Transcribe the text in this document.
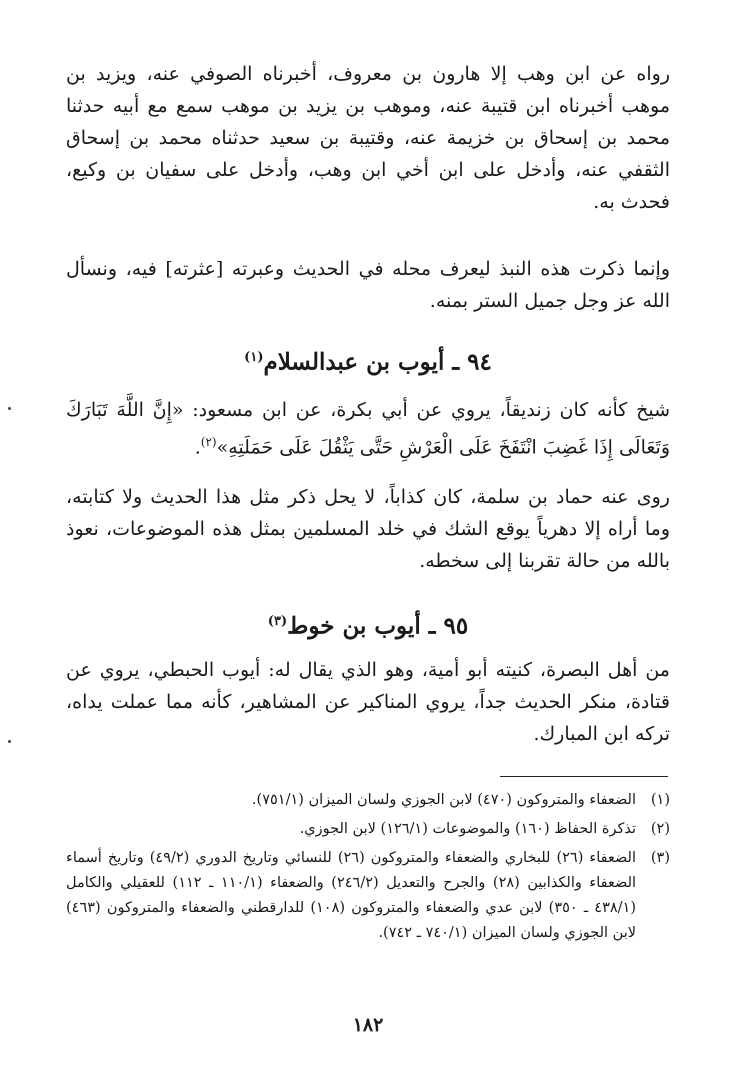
رواه عن ابن وهب إلا هارون بن معروف، أخبرناه الصوفي عنه، ويزيد بن موهب أخبرناه ابن قتيبة عنه، وموهب بن يزيد بن موهب سمع مع أبيه حدثنا محمد بن إسحاق بن خزيمة عنه، وقتيبة بن سعيد حدثناه محمد بن إسحاق الثقفي عنه، وأدخل على ابن أخي ابن وهب، وأدخل على سفيان بن وكيع، فحدث به.

وإنما ذكرت هذه النبذ ليعرف محله في الحديث وعبرته [عثرته] فيه، ونسأل الله عز وجل جميل الستر بمنه.

٩٤ ـ أيوب بن عبدالسلام$^{(١)}$

شيخ كأنه كان زنديقاً، يروي عن أبي بكرة، عن ابن مسعود: «إِنَّ اللَّهَ تَبَارَكَ وَتَعَالَى إِذَا غَضِبَ انْتَفَخَ عَلَى الْعَرْشِ حَتَّى يَثْقُلَ عَلَى حَمَلَتِهِ»$^{(٢)}$.

روى عنه حماد بن سلمة، كان كذاباً، لا يحل ذكر مثل هذا الحديث ولا كتابته، وما أراه إلا دهرياً يوقع الشك في خلد المسلمين بمثل هذه الموضوعات، نعوذ بالله من حالة تقربنا إلى سخطه.

٩٥ ـ أيوب بن خوط$^{(٣)}$

من أهل البصرة، كنيته أبو أمية، وهو الذي يقال له: أيوب الحبطي، يروي عن قتادة، منكر الحديث جداً، يروي المناكير عن المشاهير، كأنه مما عملت يداه، تركه ابن المبارك.

(١)
الضعفاء والمتروكون (٤٧٠) لابن الجوزي ولسان الميزان (٧٥١/١).
(٢)
تذكرة الحفاظ (١٦٠) والموضوعات (١٢٦/١) لابن الجوزي.
(٣)
الضعفاء (٢٦) للبخاري والضعفاء والمتروكون (٢٦) للنسائي وتاريخ الدوري (٤٩/٢) وتاريخ أسماء الضعفاء والكذابين (٢٨) والجرح والتعديل (٢٤٦/٢) والضعفاء (١١٠/١ ـ ١١٢) للعقيلي والكامل (٤٣٨/١ ـ ٣٥٠) لابن عدي والضعفاء والمتروكون (١٠٨) للدارقطني والضعفاء والمتروكون (٤٦٣) لابن الجوزي ولسان الميزان (٧٤٠/١ ـ ٧٤٢).
١٨٢
